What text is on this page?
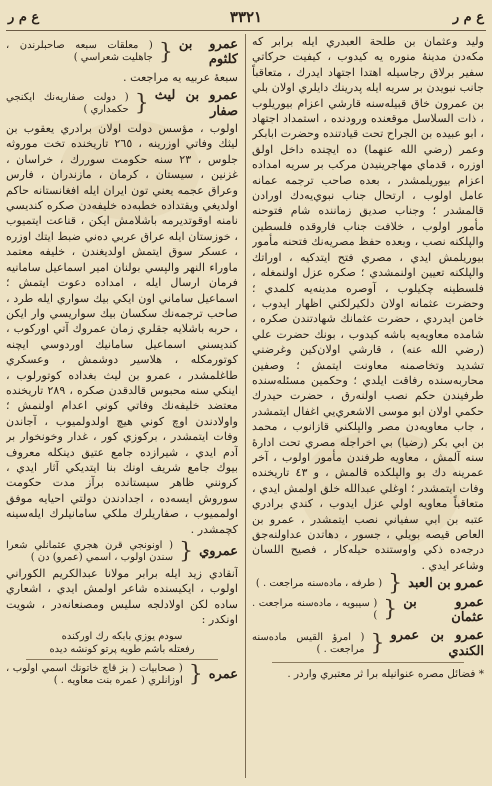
ع م ر
٣٣٢١
ع م ر

وليد وعثمان بن طلحة العبدري ايله برابر كه مكه‌دن مدينهٔ منوره يه كيدوب ، كيفيت حركاتي سفير برلاق رجاسيله اهتدا اجتهاد ايدرك ، متعاقباً جانب نبويدن بر سريه ايله پدرينك دايلري اولان بلي بن عمرون خاق قبيله‌سنه قارشي اعزام بيوريلوب ، ذات السلاسل موقعنده ورودنده ، استمداد اجتهاد ، ابو عبيده بن الجراح تحت قيادتنده وحضرت ابابكر وعمر (رضي الله عنهما) ده ايچنده داخل اولق اوزره ، قدماي مهاجرينيدن مركب بر سريه امداده اعزام بيوريلمشدر ، بعده صاحب ترجمه عمانه عامل اولوب ، ارتحال جناب نبوي‌يه‌دك اورادن قالمشدر ؛ وجناب صديق زماننده شام فتوحنه مأمور اولوب ، خلافت جناب فاروقده فلسطين والپلكنه نصب ، وبعده حفظ مصريه‌نك فتحنه مأمور بيوريلمش ايدي ، مصري فتح ايتدكيه ، اوراتك والپلكنه تعيين اولنمشدي ؛ صكره عزل اولنمغله ، فلسطينه چكيلوب ، آوصره مدينه‌يه كلمدي ؛ وحضرت عثمانه اولان دلكيرلكني اظهار ايدوب ، خامن ايدردي ، حضرت عثمانك شهادتندن صكره ، شامده معاويه‌يه باشه كيدوب ، بونك حضرت علي (رضي الله عنه) ، قارشي اولان‌كين وغرضني تشديد وتخاصمنه معاونت ايتمش ؛ وصفين محاربه‌سنده رفاقت ايلدي ؛ وحكمين مسئله‌سنده طرفيندن حكم نصب اولنه‌رق ، حضرت حيدرك حكمي اولان ابو موسى الاشعري‌يي اغفال ايتمشدر ، جاب معاويه‌دن مصر والپلكني قازانوب ، محمد بن ابي بكر (رضيا) بي اخراجله مصري تحت ادارهٔ سنه آلمش ، معاويه طرفندن مأمور اولوب ، آخر عمرينه دك بو والپلكده قالمش ، و ٤٣ تاريخنده وفات ايتمشدر ؛ اوغلي عبدالله خلق اولمش ايدي ، متعاقباً معاويه اولي عزل ايدوب ، كندي برادري عتبه بن ابي سفياني نصب ايتمشدر ، عمرو بن العاص قيصه بويلي ، جسور ، دهاتدن عداولنه‌جق درجه‌ده ذكي واوستنده حيله‌كار ، فصيح اللسان وشاعر ايدي .

عمرو بن العبد
{
( طرفه ، ماده‌سنه مراجعت . )
عمرو بن عثمان
{
( سيبويه ، ماده‌سنه مراجعت . )
عمرو بن عمرو الكندي
{
( امرؤ القيس ماده‌سنه مراجعت . )

* فضائل مصره عنوانيله برا ثر معتبري واردر .

عمرو بن كلثوم
{
( معلقات سبعه صاحبلرندن ، جاهليت شعراسي )

سبعهٔ عربيه يه مراجعت .

عمرو بن ليث صفار
{
( دولت صفاريه‌نك ايكنجي حكمداري )

اولوب ، مؤسس دولت اولان برادري يعقوب بن ليثك وفاتي اوزرينه ، ٢٦٥ تاريخنده تخت موروثه جلوس ، ٢٣ سنه حكومت سوررك ، خراسان ، غزنين ، سيستان ، كرمان ، مازندران ، فارس وعراق عجمه يعني تون ايران ايله افغانستانه حاكم اولديغي ويقتداده خطبه‌ده خليفه‌دن صكره كنديسي نامنه اوقوتديرمه باشلامش ايكن ، قناعت ايتميوب ، خوزستان ايله عراق عربي ده‌ني ضبط ايتك اوزره ، عسكر سوق ايتمش اولديغندن ، خليفه معتمد ماوراء النهر والپسي بولنان امير اسماعيل سامانيه فرمان ارسال ايله ، امداده دعوت ايتمش ؛ اسماعيل ساماني اون ايكي بيك سواري ايله طرد ، صاحب ترجمه‌نك سكسان بيك سواريسي وار ايكن ، حربه باشلايه جقلري زمان عمروك آتي اوركوب ، كنديسني اسماعيل سامانيك اوردوسي ايچنه كوتورمكله ، هلاسير دوشمش ، وعسكري طاغلمشدر ، عمرو بن ليث بغداده كوتورلوب ، اينكي سنه محبوس قالدقدن صكره ، ٢٨٩ تاريخنده معتضد خليفه‌نك وفاتي كوني اعدام اولنمش ؛ واولادندن اوچ كوني هيچ اولدولميوب ، آجاندن وفات ايتمشدر ، بركوزي كور ، غدار وخونخوار بر آدم ايدي ، شيرازده جامع عتيق دينكله معروف بيوك جامع شريف اونك بنا ايتديكي آثار ايدي ، كرونني ظاهر سيستانده برآز مدت حكومت سوروش ايسه‌ده ، اجدادندن دولتي احيايه موفق اولمميوب ، صفاريلرك ملكي سامانيلرك ايله‌سينه كچمشدر .

عمروي
{
( اونونجي قرن هجري عثمانلي شعرا سندن اولوب ، اسمي (عمرو) دن )

آنقادي زيد ايله برابر مولانا عبدالكريم الكوراني اولوب ، ايكيسنده شاعر اولمش ايدي ، اشعاري ساده لكن اولادلجه سليس ومصنعانه‌در ، شويت اونكدر :

سودم يوزي بابكه رك اوركنده
رفعتله باشم طويه پرتو كونشه ديده
عمره
{
( صحابيات ( بز قاچ خاتونك اسمي اولوب ، اوزانلري ( عمره بنت معاويه . )
